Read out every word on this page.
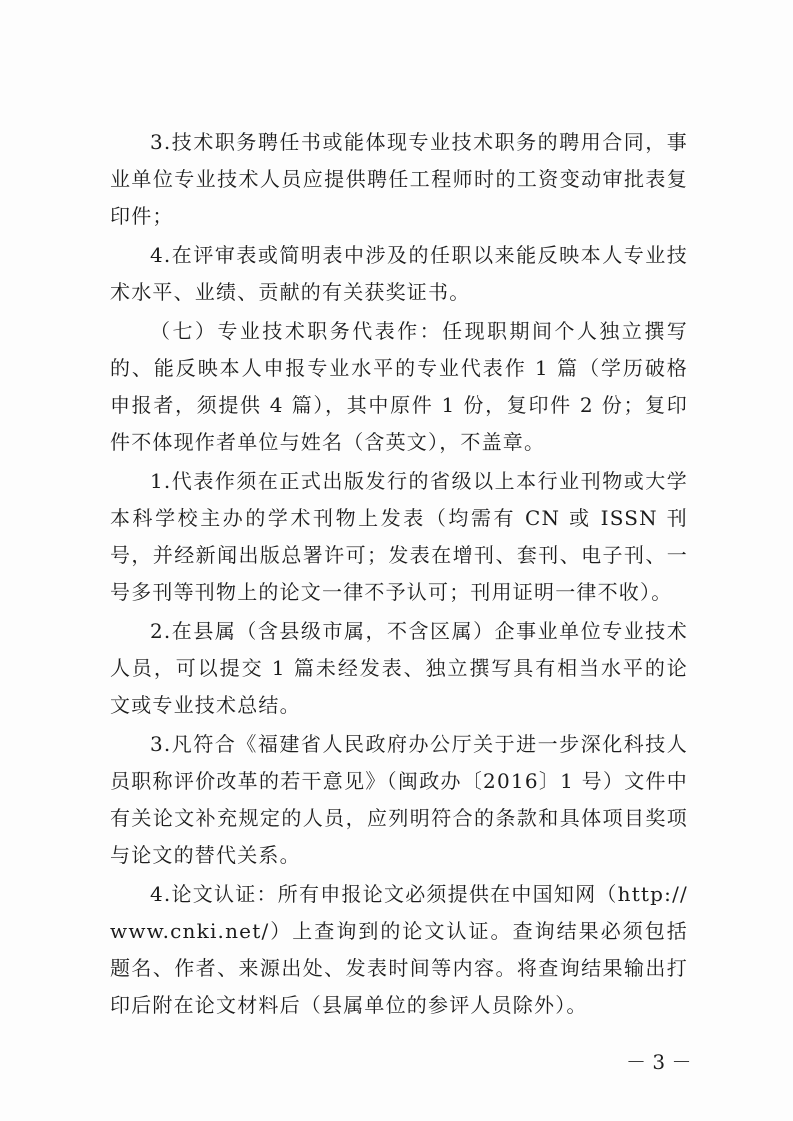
3.技术职务聘任书或能体现专业技术职务的聘用合同，事业单位专业技术人员应提供聘任工程师时的工资变动审批表复印件；

4.在评审表或简明表中涉及的任职以来能反映本人专业技术水平、业绩、贡献的有关获奖证书。

（七）专业技术职务代表作：任现职期间个人独立撰写的、能反映本人申报专业水平的专业代表作 1 篇（学历破格申报者，须提供 4 篇），其中原件 1 份，复印件 2 份；复印件不体现作者单位与姓名（含英文），不盖章。

1.代表作须在正式出版发行的省级以上本行业刊物或大学本科学校主办的学术刊物上发表（均需有 CN 或 ISSN 刊号，并经新闻出版总署许可；发表在增刊、套刊、电子刊、一号多刊等刊物上的论文一律不予认可；刊用证明一律不收）。

2.在县属（含县级市属，不含区属）企事业单位专业技术人员，可以提交 1 篇未经发表、独立撰写具有相当水平的论文或专业技术总结。

3.凡符合《福建省人民政府办公厅关于进一步深化科技人员职称评价改革的若干意见》（闽政办〔2016〕1 号）文件中有关论文补充规定的人员，应列明符合的条款和具体项目奖项与论文的替代关系。

4.论文认证：所有申报论文必须提供在中国知网（http://www.cnki.net/）上查询到的论文认证。查询结果必须包括题名、作者、来源出处、发表时间等内容。将查询结果输出打印后附在论文材料后（县属单位的参评人员除外）。

－ 3 －
